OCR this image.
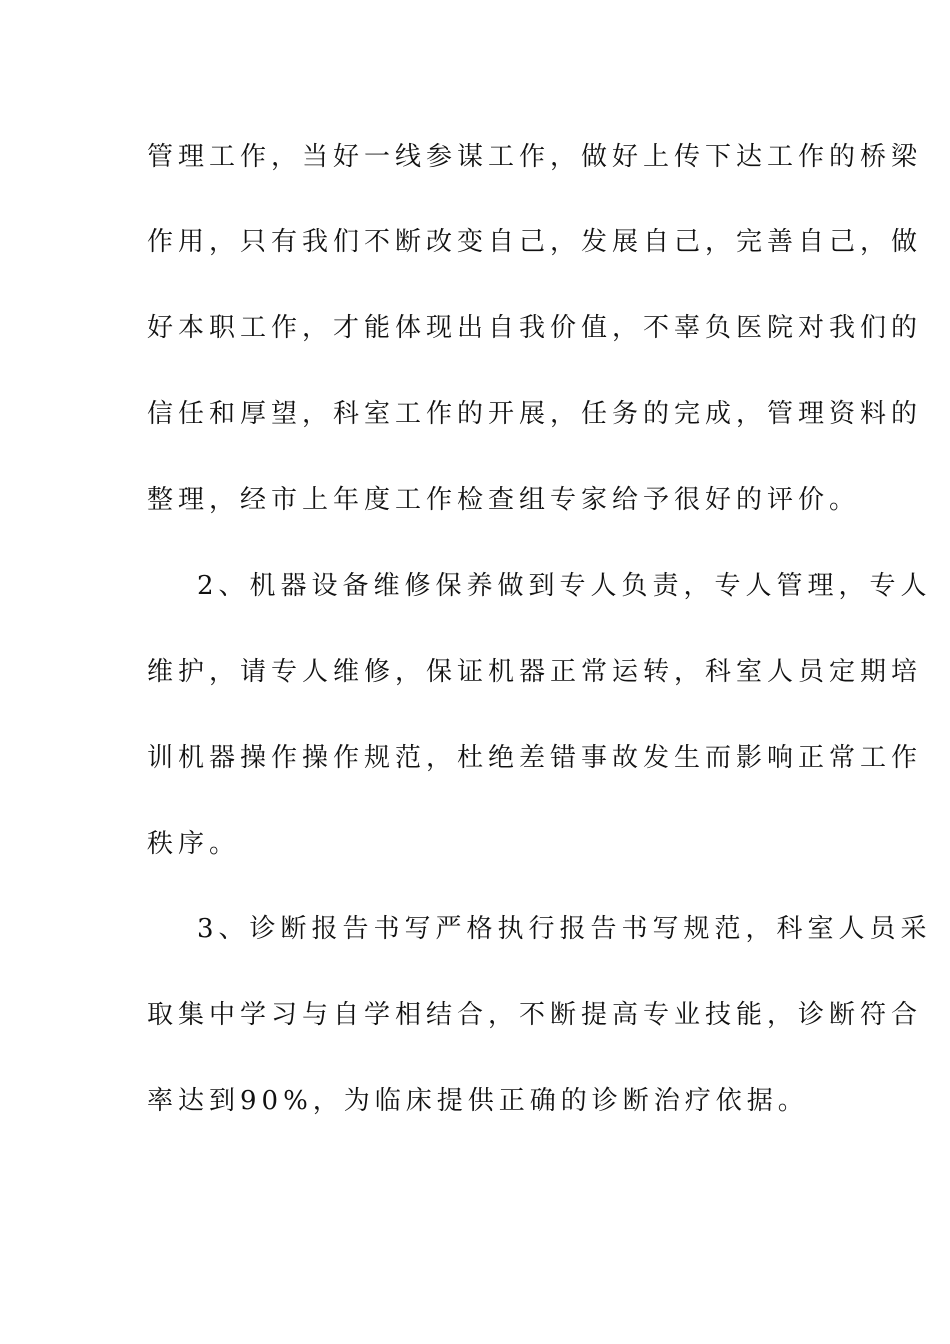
管理工作，当好一线参谋工作，做好上传下达工作的桥梁
作用，只有我们不断改变自己，发展自己，完善自己，做
好本职工作，才能体现出自我价值，不辜负医院对我们的
信任和厚望，科室工作的开展，任务的完成，管理资料的
整理，经市上年度工作检查组专家给予很好的评价。
2、机器设备维修保养做到专人负责，专人管理，专人
维护，请专人维修，保证机器正常运转，科室人员定期培
训机器操作操作规范，杜绝差错事故发生而影响正常工作
秩序。
3、诊断报告书写严格执行报告书写规范，科室人员采
取集中学习与自学相结合，不断提高专业技能，诊断符合
率达到90%，为临床提供正确的诊断治疗依据。
